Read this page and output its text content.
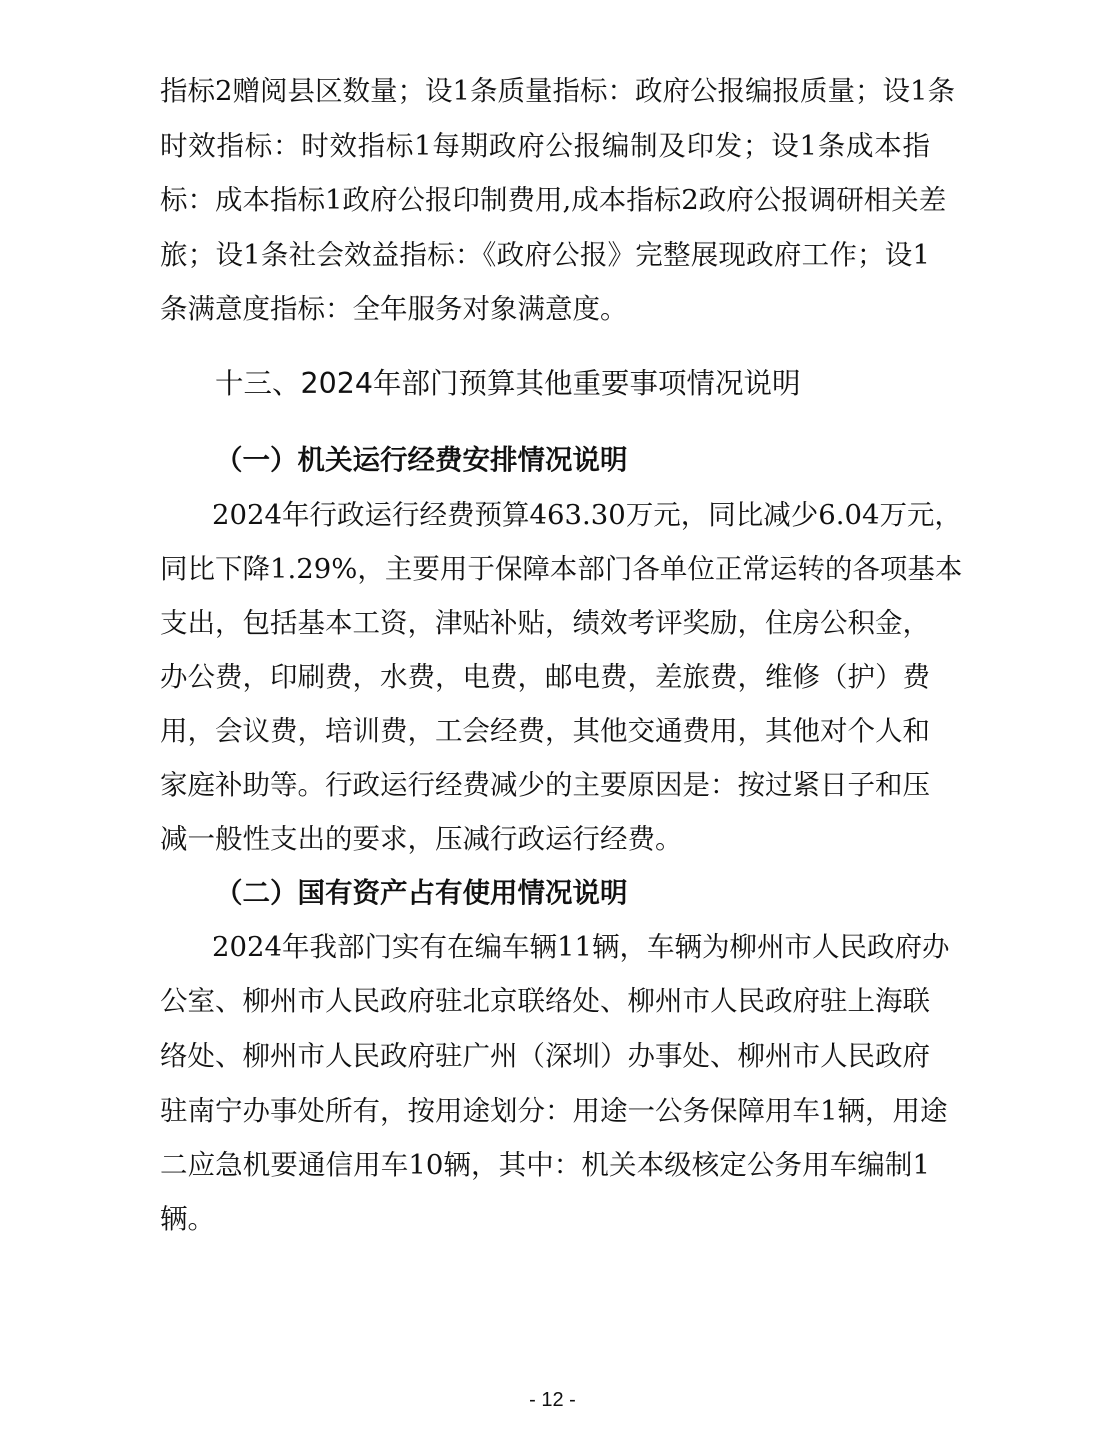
指标2赠阅县区数量；设1条质量指标：政府公报编报质量；设1条
时效指标：时效指标1每期政府公报编制及印发；设1条成本指
标：成本指标1政府公报印制费用,成本指标2政府公报调研相关差
旅；设1条社会效益指标：《政府公报》完整展现政府工作；设1
条满意度指标：全年服务对象满意度。
十三、2024年部门预算其他重要事项情况说明
（一）机关运行经费安排情况说明
2024年行政运行经费预算463.30万元，同比减少6.04万元，
同比下降1.29%，主要用于保障本部门各单位正常运转的各项基本
支出，包括基本工资，津贴补贴，绩效考评奖励，住房公积金，
办公费，印刷费，水费，电费，邮电费，差旅费，维修（护）费
用，会议费，培训费，工会经费，其他交通费用，其他对个人和
家庭补助等。行政运行经费减少的主要原因是：按过紧日子和压
减一般性支出的要求，压减行政运行经费。
（二）国有资产占有使用情况说明
2024年我部门实有在编车辆11辆，车辆为柳州市人民政府办
公室、柳州市人民政府驻北京联络处、柳州市人民政府驻上海联
络处、柳州市人民政府驻广州（深圳）办事处、柳州市人民政府
驻南宁办事处所有，按用途划分：用途一公务保障用车1辆，用途
二应急机要通信用车10辆，其中：机关本级核定公务用车编制1
辆。
- 12 -
